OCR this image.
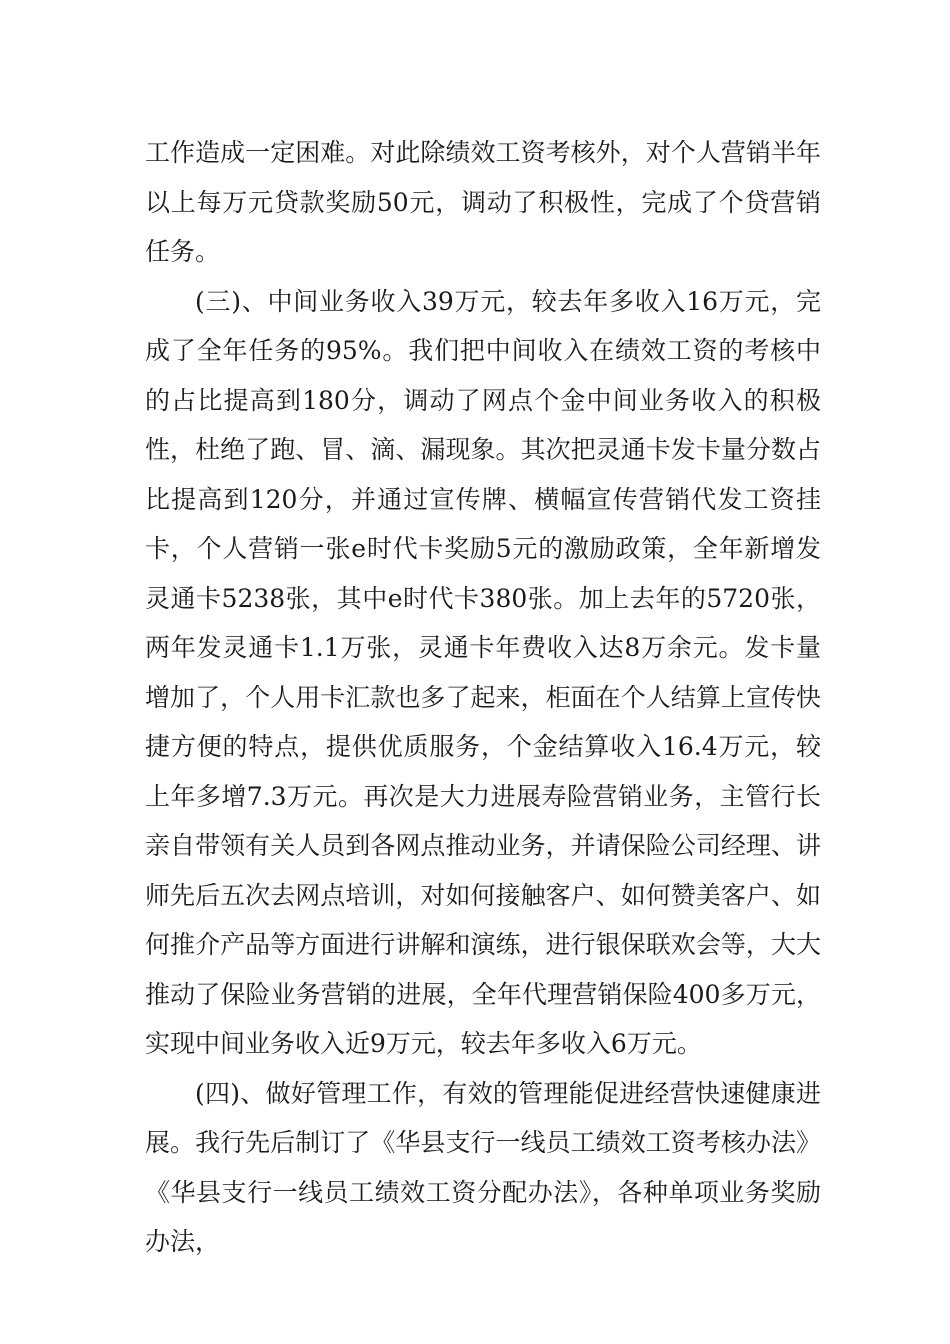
工作造成一定困难。对此除绩效工资考核外，对个人营销半年以上每万元贷款奖励50元，调动了积极性，完成了个贷营销任务。

(三)、中间业务收入39万元，较去年多收入16万元，完成了全年任务的95%。我们把中间收入在绩效工资的考核中的占比提高到180分，调动了网点个金中间业务收入的积极性，杜绝了跑、冒、滴、漏现象。其次把灵通卡发卡量分数占比提高到120分，并通过宣传牌、横幅宣传营销代发工资挂卡，个人营销一张e时代卡奖励5元的激励政策，全年新增发灵通卡5238张，其中e时代卡380张。加上去年的5720张，两年发灵通卡1.1万张，灵通卡年费收入达8万余元。发卡量增加了，个人用卡汇款也多了起来，柜面在个人结算上宣传快捷方便的特点，提供优质服务，个金结算收入16.4万元，较上年多增7.3万元。再次是大力进展寿险营销业务，主管行长亲自带领有关人员到各网点推动业务，并请保险公司经理、讲师先后五次去网点培训，对如何接触客户、如何赞美客户、如何推介产品等方面进行讲解和演练，进行银保联欢会等，大大推动了保险业务营销的进展，全年代理营销保险400多万元，实现中间业务收入近9万元，较去年多收入6万元。

(四)、做好管理工作，有效的管理能促进经营快速健康进展。我行先后制订了《华县支行一线员工绩效工资考核办法》《华县支行一线员工绩效工资分配办法》，各种单项业务奖励办法，
